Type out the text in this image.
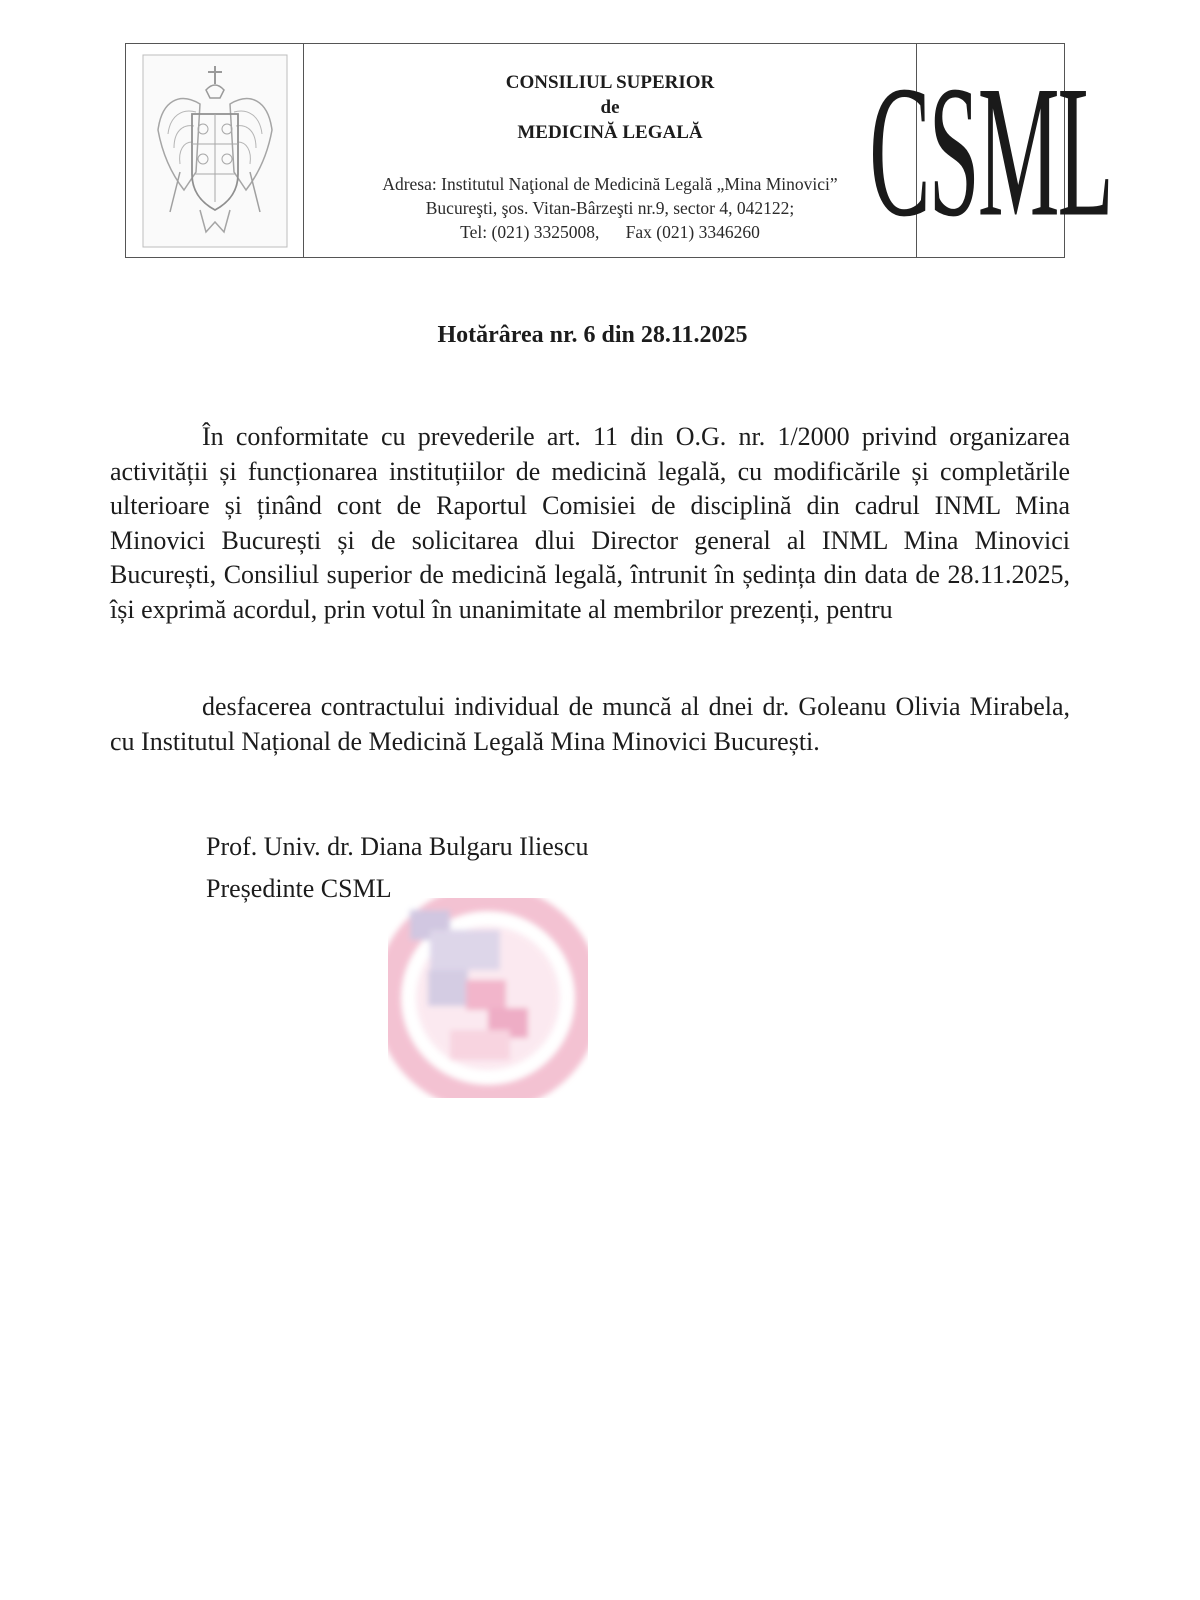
CONSILIUL SUPERIOR
de
MEDICINĂ LEGALĂ
Adresa: Institutul Naţional de Medicină Legală „Mina Minovici”
Bucureşti, şos. Vitan-Bârzeşti nr.9, sector 4, 042122;
Tel: (021) 3325008,      Fax (021) 3346260	CSML
Hotărârea nr. 6 din 28.11.2025
În conformitate cu prevederile art. 11 din O.G. nr. 1/2000 privind organizarea activității și funcționarea instituțiilor de medicină legală, cu modificările și completările ulterioare și ținând cont de Raportul Comisiei de disciplină din cadrul INML Mina Minovici București și de solicitarea dlui Director general al INML Mina Minovici București, Consiliul superior de medicină legală, întrunit în ședința din data de 28.11.2025, își exprimă acordul, prin votul în unanimitate al membrilor prezenți, pentru
desfacerea contractului individual de muncă al dnei dr. Goleanu Olivia Mirabela, cu Institutul Național de Medicină Legală Mina Minovici București.
Prof. Univ. dr. Diana Bulgaru Iliescu
Președinte CSML
